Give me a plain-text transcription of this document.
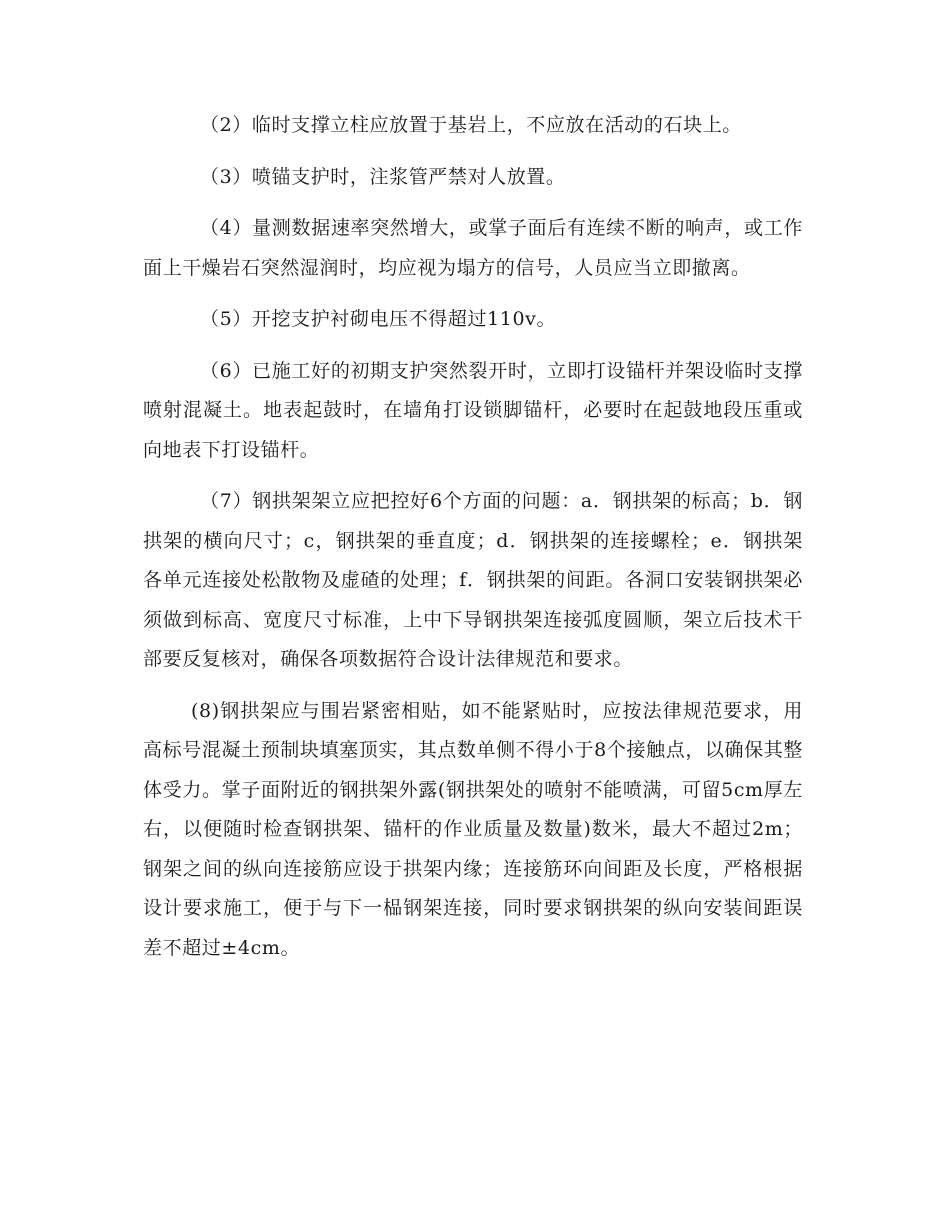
（2）临时支撑立柱应放置于基岩上，不应放在活动的石块上。

（3）喷锚支护时，注浆管严禁对人放置。

（4）量测数据速率突然增大，或掌子面后有连续不断的响声，或工作面上干燥岩石突然湿润时，均应视为塌方的信号，人员应当立即撤离。

（5）开挖支护衬砌电压不得超过110v。

（6）已施工好的初期支护突然裂开时，立即打设锚杆并架设临时支撑喷射混凝土。地表起鼓时，在墙角打设锁脚锚杆，必要时在起鼓地段压重或向地表下打设锚杆。

（7）钢拱架架立应把控好6个方面的问题：a．钢拱架的标高；b．钢拱架的横向尺寸；c，钢拱架的垂直度；d．钢拱架的连接螺栓；e．钢拱架各单元连接处松散物及虚碴的处理；f．钢拱架的间距。各洞口安装钢拱架必须做到标高、宽度尺寸标准，上中下导钢拱架连接弧度圆顺，架立后技术干部要反复核对，确保各项数据符合设计法律规范和要求。

(8)钢拱架应与围岩紧密相贴，如不能紧贴时，应按法律规范要求，用高标号混凝土预制块填塞顶实，其点数单侧不得小于8个接触点，以确保其整体受力。掌子面附近的钢拱架外露(钢拱架处的喷射不能喷满，可留5cm厚左右，以便随时检查钢拱架、锚杆的作业质量及数量)数米，最大不超过2m；钢架之间的纵向连接筋应设于拱架内缘；连接筋环向间距及长度，严格根据设计要求施工，便于与下一榀钢架连接，同时要求钢拱架的纵向安装间距误差不超过±4cm。
